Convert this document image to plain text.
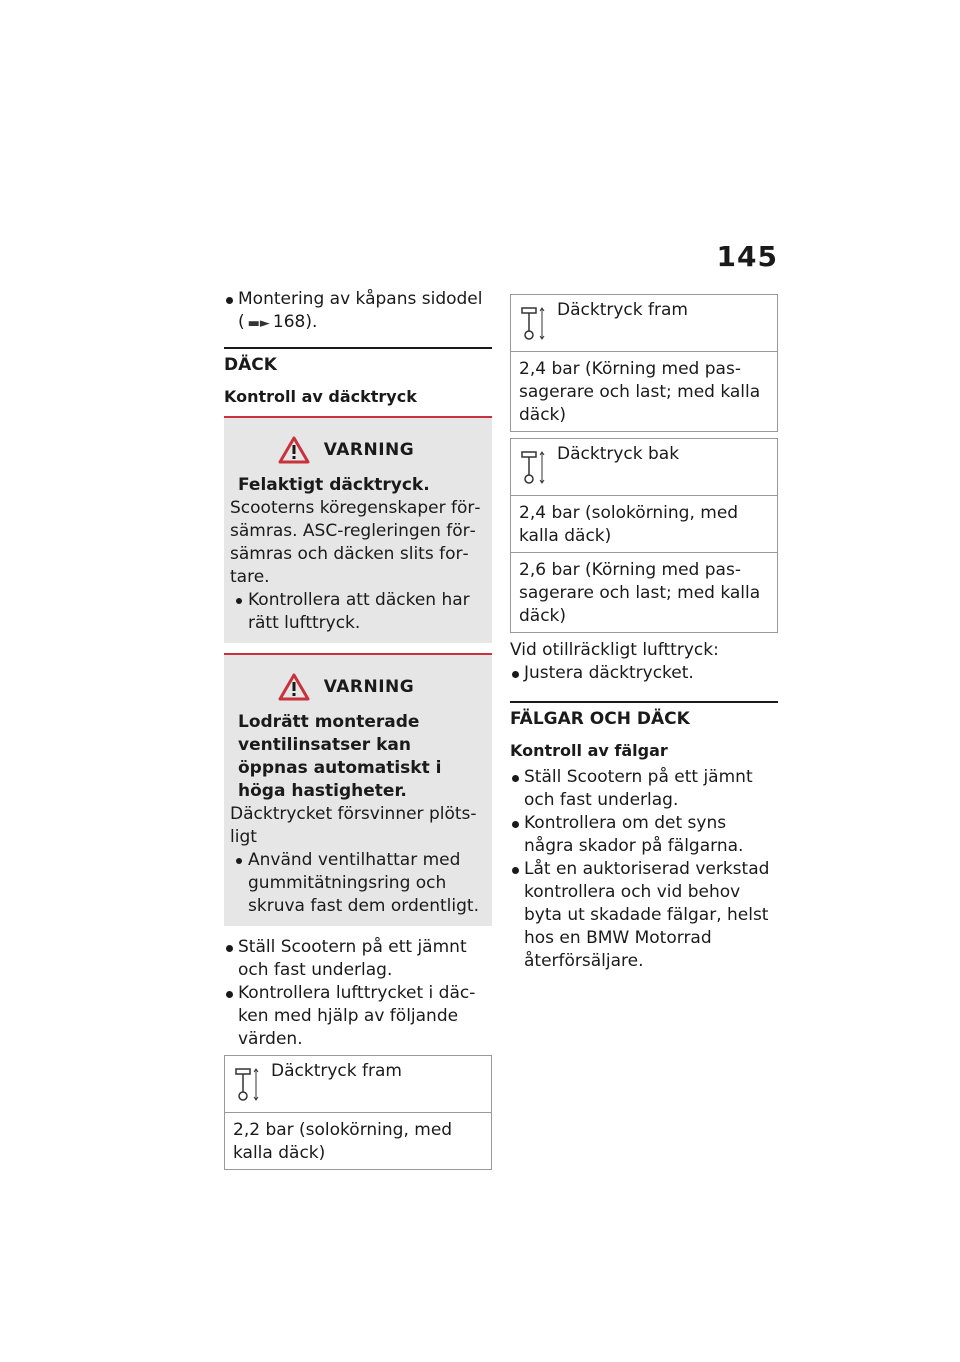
145

Montering av kåpans sidodel
( ▬► 168).

DÄCK
Kontroll av däcktryck
VARNING

Felaktigt däcktryck.

Scooterns köregenskaper försämras. ASC-regleringen försämras och däcken slits fortare.

Kontrollera att däcken har rätt lufttryck.

VARNING

Lodrätt monterade ventilinsatser kan öppnas automatiskt i höga hastigheter.

Däcktrycket försvinner plötsligt

Använd ventilhattar med gummitätningsring och skruva fast dem ordentligt.

Ställ Scootern på ett jämnt och fast underlag.

Kontrollera lufttrycket i däcken med hjälp av följande värden.

Däcktryck fram

2,2 bar (solokörning, med kalla däck)

Däcktryck fram

2,4 bar (Körning med passagerare och last; med kalla däck)

Däcktryck bak

2,4 bar (solokörning, med kalla däck)

2,6 bar (Körning med passagerare och last; med kalla däck)

Vid otillräckligt lufttryck:

Justera däcktrycket.

FÄLGAR OCH DÄCK
Kontroll av fälgar

Ställ Scootern på ett jämnt och fast underlag.

Kontrollera om det syns några skador på fälgarna.

Låt en auktoriserad verkstad kontrollera och vid behov byta ut skadade fälgar, helst hos en BMW Motorrad återförsäljare.
